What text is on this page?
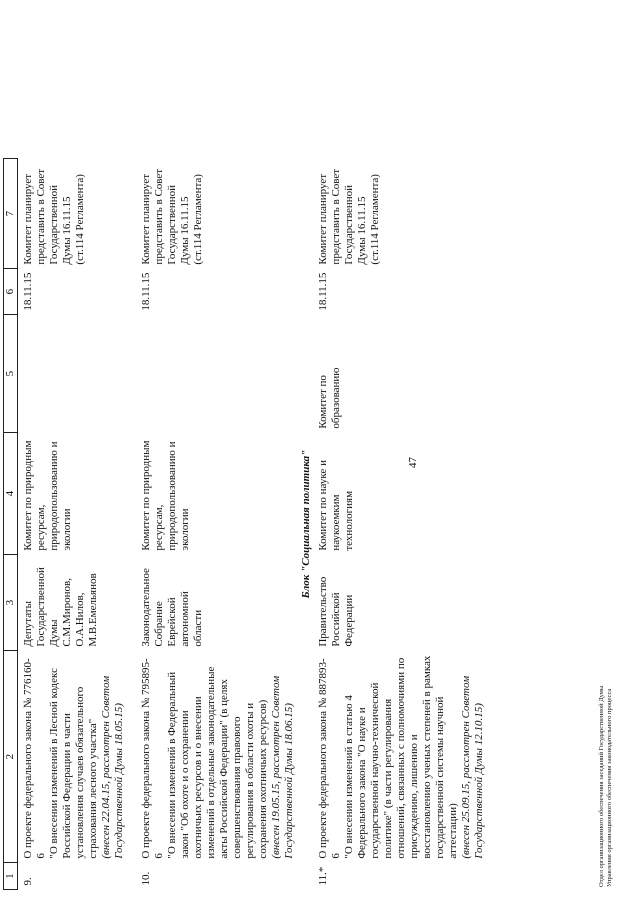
47
1	2	3	4	5	6	7
9.	О проекте федерального закона № 776160-6 "О внесении изменений в Лесной кодекс Российской Федерации в части установления случаев обязательного страхования лесного участка" (внесен 22.04.15, рассмотрен Советом Государственной Думы 18.05.15)	Депутаты Государственной Думы С.М.Миронов, О.А.Нилов, М.В.Емельянов	Комитет по природным ресурсам, природопользованию и экологии		18.11.15	Комитет планирует представить в Совет Государственной Думы 16.11.15 (ст.114 Регламента)
10.	О проекте федерального закона № 795895-6 "О внесении изменений в Федеральный закон "Об охоте и о сохранении охотничьих ресурсов и о внесении изменений в отдельные законодательные акты Российской Федерации" (в целях совершенствования правового регулирования в области охоты и сохранения охотничьих ресурсов) (внесен 19.05.15, рассмотрен Советом Государственной Думы 18.06.15)	Законодательное Собрание Еврейской автономной области	Комитет по природным ресурсам, природопользованию и экологии		18.11.15	Комитет планирует представить в Совет Государственной Думы 16.11.15 (ст.114 Регламента)
Блок "Социальная политика"						
11.*	О проекте федерального закона № 887893-6 "О внесении изменений в статью 4 Федерального закона "О науке и государственной научно-технической политике" (в части регулирования отношений, связанных с полномочиями по присуждению, лишению и восстановлению ученых степеней в рамках государственной системы научной аттестации) (внесен 25.09.15, рассмотрен Советом Государственной Думы 12.10.15)	Правительство Российской Федерации	Комитет по науке и наукоемким технологиям	Комитет по образованию	18.11.15	Комитет планирует представить в Совет Государственной Думы 16.11.15 (ст.114 Регламента)
Отдел организационного обеспечения заседаний Государственной Думы Управления организационного обеспечения законодательного процесса
